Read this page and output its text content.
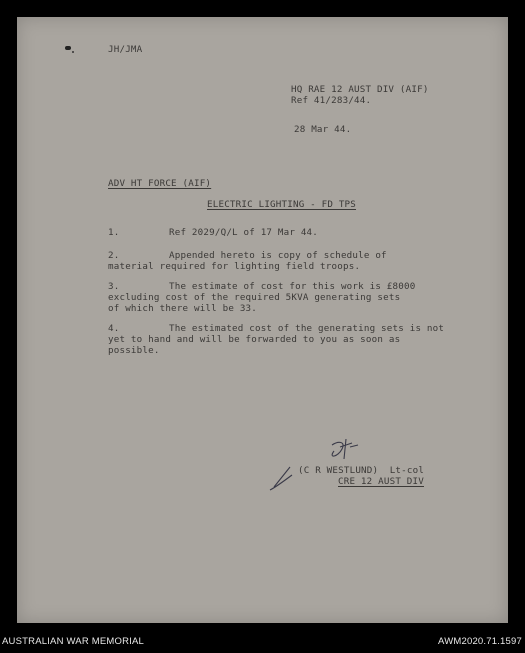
JH/JMA
HQ RAE 12 AUST DIV (AIF)
Ref 41/283/44.
28 Mar 44.
ADV HT FORCE (AIF)
ELECTRIC LIGHTING - FD TPS
1.	Ref 2029/Q/L of 17 Mar 44.
2.	Appended hereto is copy of schedule of
material required for lighting field troops.
3.	The estimate of cost for this work is £8000
excluding cost of the required 5KVA generating sets
of which there will be 33.
4.	The estimated cost of the generating sets is not
yet to hand and will be forwarded to you as soon as
possible.
(C R WESTLUND)  Lt-col
CRE 12 AUST DIV
AUSTRALIAN WAR MEMORIAL	AWM2020.71.1597
